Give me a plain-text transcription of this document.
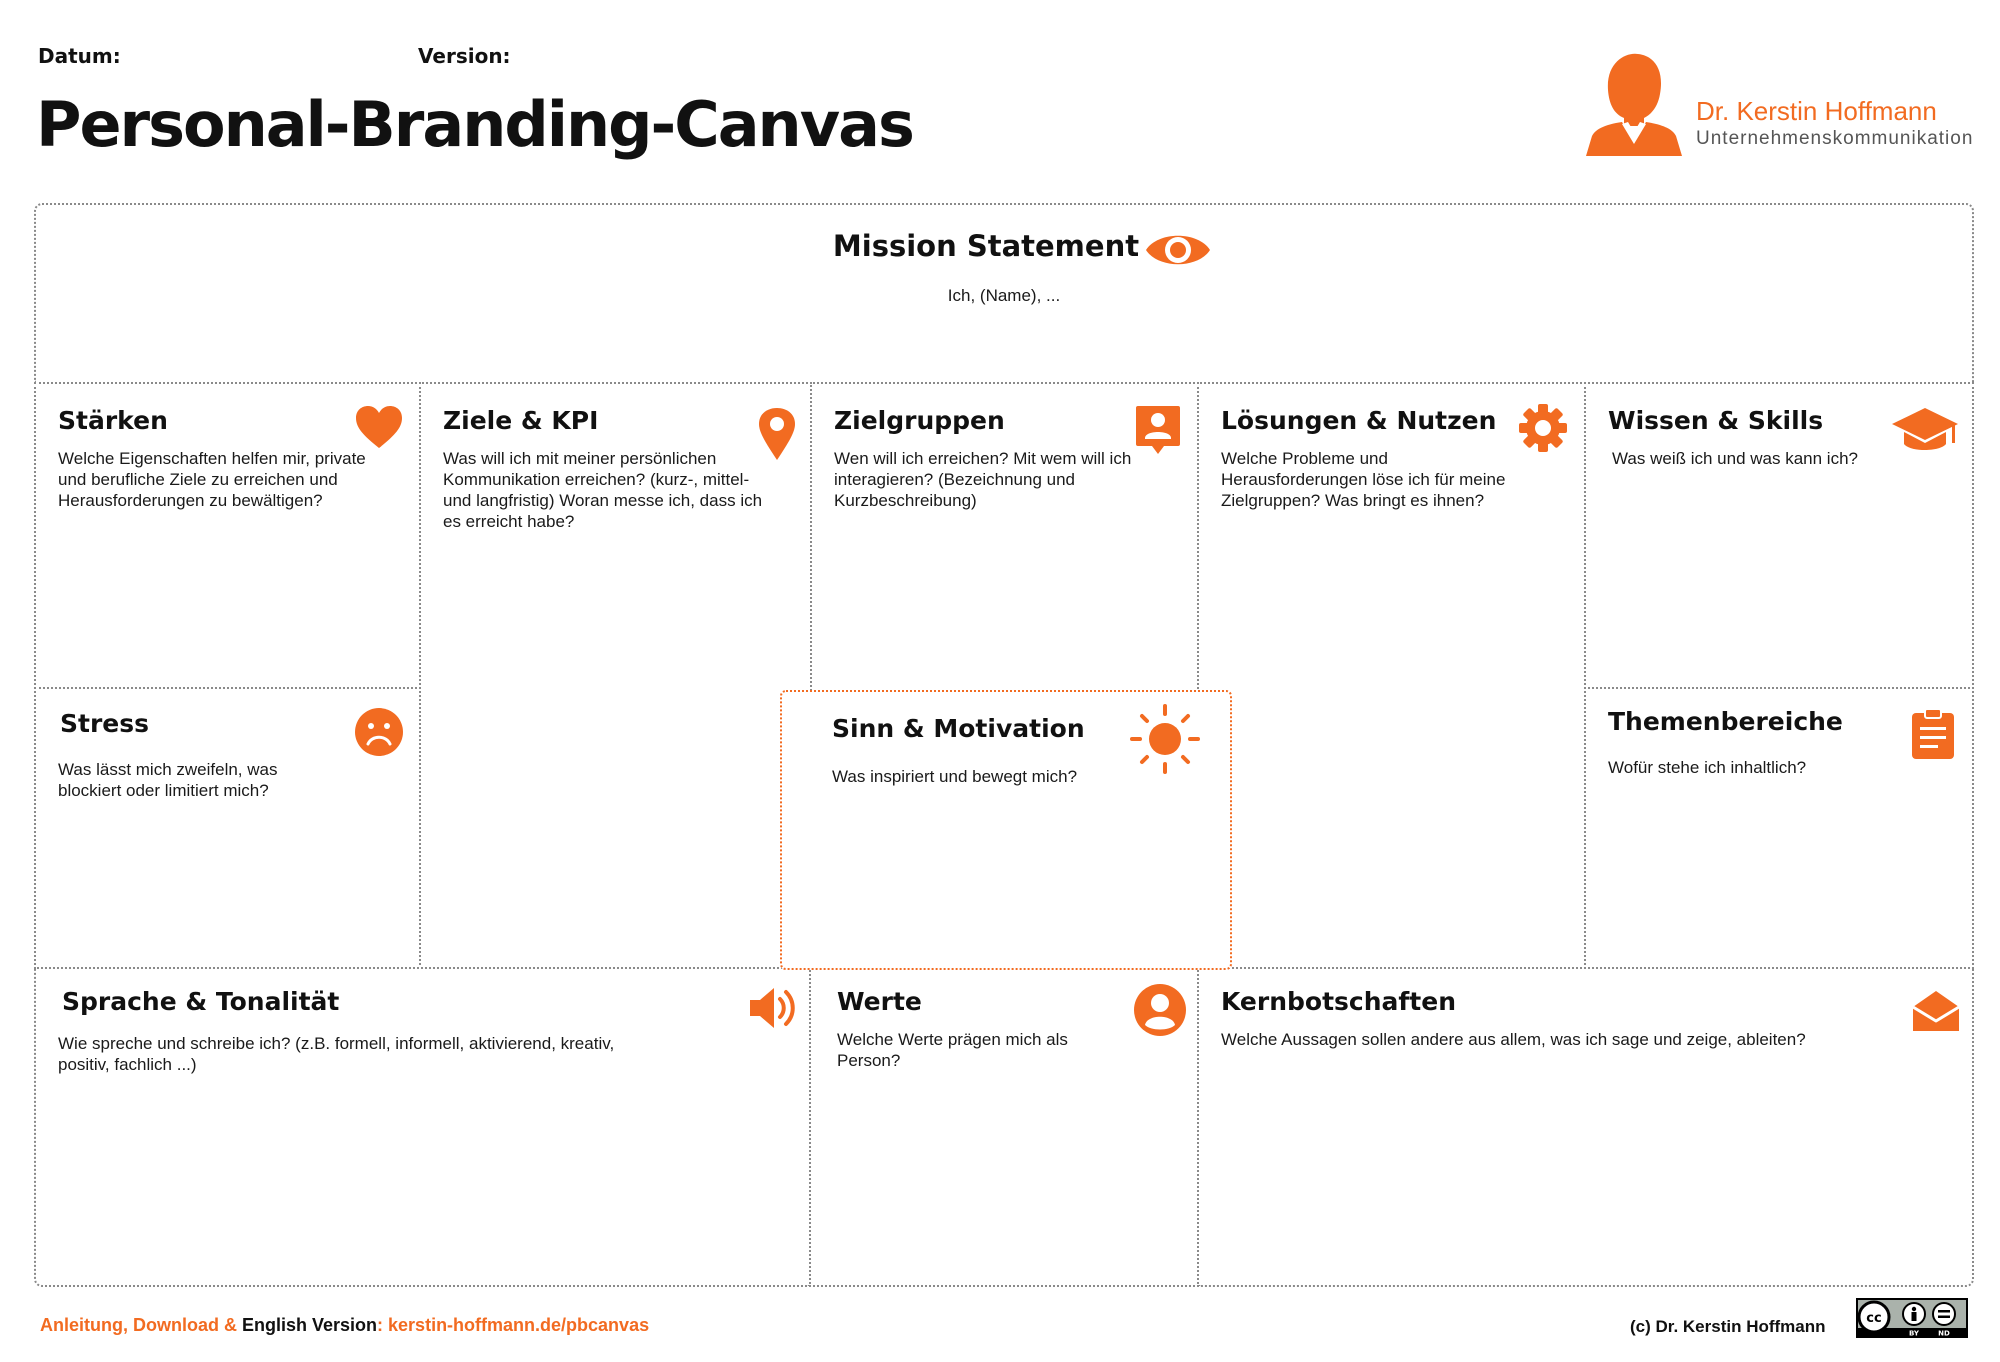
Datum:	Version:
Personal-Branding-Canvas	Dr. Kerstin Hoffmann
Unternehmenskommunikation
Mission Statement

Ich, (Name), ...

Stärken

Welche Eigenschaften helfen mir, private und berufliche Ziele zu erreichen und Herausforderungen zu bewältigen?

Ziele & KPI

Was will ich mit meiner persönlichen Kommunikation erreichen? (kurz-, mittel- und langfristig) Woran messe ich, dass ich es erreicht habe?

Zielgruppen

Wen will ich erreichen? Mit wem will ich interagieren? (Bezeichnung und Kurzbeschreibung)

Lösungen & Nutzen

Welche Probleme und Herausforderungen löse ich für meine Zielgruppen? Was bringt es ihnen?

Wissen & Skills

Was weiß ich und was kann ich?

Stress

Was lässt mich zweifeln, was blockiert oder limitiert mich?

Themenbereiche

Wofür stehe ich inhaltlich?

Sinn & Motivation

Was inspiriert und bewegt mich?

Sprache & Tonalität

Wie spreche und schreibe ich? (z.B. formell, informell, aktivierend, kreativ, positiv, fachlich ...)

Werte

Welche Werte prägen mich als Person?

Kernbotschaften

Welche Aussagen sollen andere aus allem, was ich sage und zeige, ableiten?

Anleitung, Download & English Version: kerstin-hoffmann.de/pbcanvas	(c) Dr. Kerstin Hoffmann	cc
BY	ND
